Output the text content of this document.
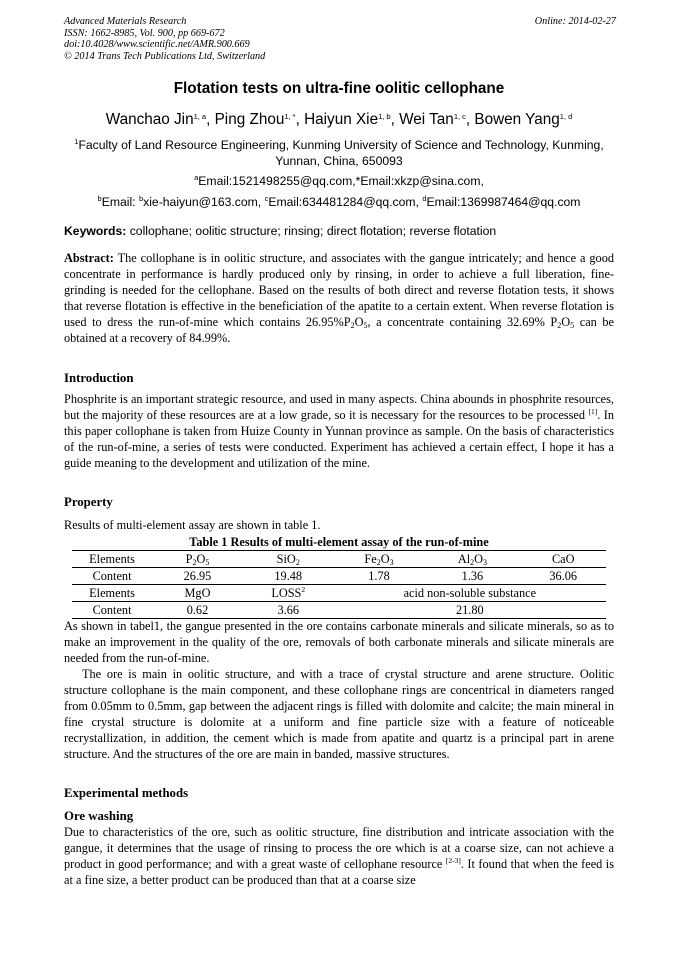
Advanced Materials Research
ISSN: 1662-8985, Vol. 900, pp 669-672
doi:10.4028/www.scientific.net/AMR.900.669
© 2014 Trans Tech Publications Ltd, Switzerland
Online: 2014-02-27
Flotation tests on ultra-fine oolitic cellophane
Wanchao Jin$^{1, a}$, Ping Zhou$^{1, *}$, Haiyun Xie$^{1, b}$, Wei Tan$^{1, c}$, Bowen Yang$^{1, d}$
$^1$Faculty of Land Resource Engineering, Kunming University of Science and Technology, Kunming, Yunnan, China, 650093
$^a$Email:1521498255@qq.com,*Email:xkzp@sina.com,
$^b$Email: $^b$xie-haiyun@163.com, $^c$Email:634481284@qq.com, $^d$Email:1369987464@qq.com
Keywords: collophane; oolitic structure; rinsing; direct flotation; reverse flotation
Abstract: The collophane is in oolitic structure, and associates with the gangue intricately; and hence a good concentrate in performance is hardly produced only by rinsing, in order to achieve a full liberation, fine-grinding is needed for the cellophane. Based on the results of both direct and reverse flotation tests, it shows that reverse flotation is effective in the beneficiation of the apatite to a certain extent. When reverse flotation is used to dress the run-of-mine which contains $26.95\%P_2O_5$, a concentrate containing 32.69% $P_2O_5$ can be obtained at a recovery of 84.99%.
Introduction
Phosphrite is an important strategic resource, and used in many aspects. China abounds in phosphrite resources, but the majority of these resources are at a low grade, so it is necessary for the resources to be processed [1]. In this paper collophane is taken from Huize County in Yunnan province as sample. On the basis of characteristics of the run-of-mine, a series of tests were conducted. Experiment has achieved a certain effect, I hope it has a guide meaning to the development and utilization of the mine.
Property
Results of multi-element assay are shown in table 1.
Table 1 Results of multi-element assay of the run-of-mine
Elements	$P_2O_5$	SiO$_2$	$Fe_2O_3$	$Al_2O_3$	CaO
Content	26.95	19.48	1.78	1.36	36.06
Elements	MgO	LOSS$^2$	acid non-soluble substance		
Content	0.62	3.66	21.80		
As shown in tabel1, the gangue presented in the ore contains carbonate minerals and silicate minerals, so as to make an improvement in the quality of the ore, removals of both carbonate minerals and silicate minerals are needed from the run-of-mine.
The ore is main in oolitic structure, and with a trace of crystal structure and arene structure. Oolitic structure collophane is the main component, and these collophane rings are concentrical in diameters ranged from 0.05mm to 0.5mm, gap between the adjacent rings is filled with dolomite and calcite; the main mineral in fine crystal structure is dolomite at a uniform and fine particle size with a feature of noticeable recrystallization, in addition, the cement which is made from apatite and quartz is a principal part in arene structure. And the structures of the ore are main in banded, massive structures.
Experimental methods
Ore washing
Due to characteristics of the ore, such as oolitic structure, fine distribution and intricate association with the gangue, it determines that the usage of rinsing to process the ore which is at a coarse size, can not achieve a product in good performance; and with a great waste of cellophane resource [2-3]. It found that when the feed is at a fine size, a better product can be produced than that at a coarse size
